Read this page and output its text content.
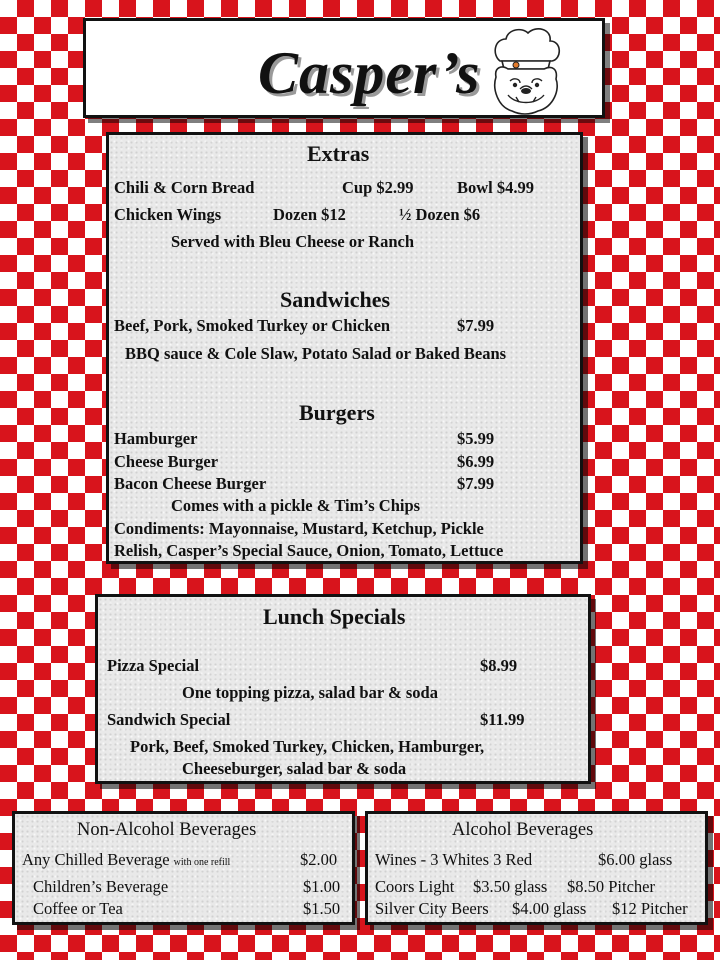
Casper’s
Extras
Chili & Corn Bread	Cup $2.99	Bowl $4.99
Chicken Wings	Dozen $12	½ Dozen $6
Served with Bleu Cheese or Ranch
Sandwiches
Beef, Pork, Smoked Turkey or Chicken	$7.99
BBQ sauce & Cole Slaw, Potato Salad or Baked Beans
Burgers
Hamburger	$5.99
Cheese Burger	$6.99
Bacon Cheese Burger	$7.99
Comes with a pickle & Tim’s Chips
Condiments: Mayonnaise, Mustard, Ketchup, Pickle
Relish, Casper’s Special Sauce, Onion, Tomato, Lettuce
Lunch Specials
Pizza Special	$8.99
One topping pizza, salad bar & soda
Sandwich Special	$11.99
Pork, Beef, Smoked Turkey, Chicken, Hamburger,
Cheeseburger, salad bar & soda
Non-Alcohol Beverages
Any Chilled Beverage with one refill	$2.00
Children’s Beverage	$1.00
Coffee or Tea	$1.50
Alcohol Beverages
Wines - 3 Whites 3 Red	$6.00 glass
Coors Light $3.50 glass $8.50 Pitcher
Silver City Beers $4.00 glass $12 Pitcher
